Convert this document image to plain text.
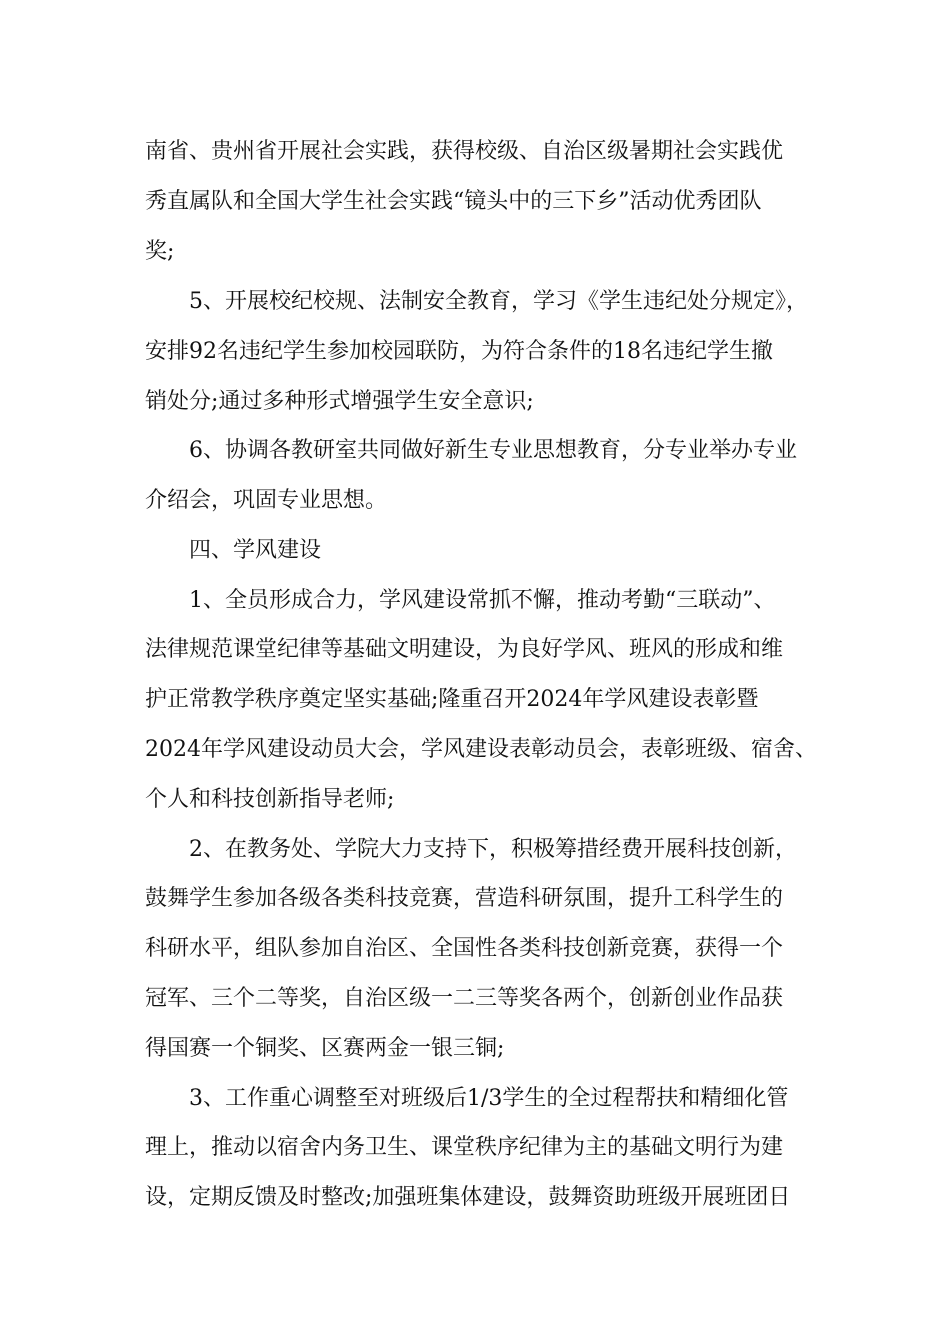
南省、贵州省开展社会实践，获得校级、自治区级暑期社会实践优
秀直属队和全国大学生社会实践“镜头中的三下乡”活动优秀团队
奖;
5、开展校纪校规、法制安全教育，学习《学生违纪处分规定》，
安排92名违纪学生参加校园联防，为符合条件的18名违纪学生撤
销处分;通过多种形式增强学生安全意识;
6、协调各教研室共同做好新生专业思想教育，分专业举办专业
介绍会，巩固专业思想。
四、学风建设
1、全员形成合力，学风建设常抓不懈，推动考勤“三联动”、
法律规范课堂纪律等基础文明建设，为良好学风、班风的形成和维
护正常教学秩序奠定坚实基础;隆重召开2024年学风建设表彰暨
2024年学风建设动员大会，学风建设表彰动员会，表彰班级、宿舍、
个人和科技创新指导老师;
2、在教务处、学院大力支持下，积极筹措经费开展科技创新，
鼓舞学生参加各级各类科技竞赛，营造科研氛围，提升工科学生的
科研水平，组队参加自治区、全国性各类科技创新竞赛，获得一个
冠军、三个二等奖，自治区级一二三等奖各两个，创新创业作品获
得国赛一个铜奖、区赛两金一银三铜;
3、工作重心调整至对班级后1/3学生的全过程帮扶和精细化管
理上，推动以宿舍内务卫生、课堂秩序纪律为主的基础文明行为建
设，定期反馈及时整改;加强班集体建设，鼓舞资助班级开展班团日
